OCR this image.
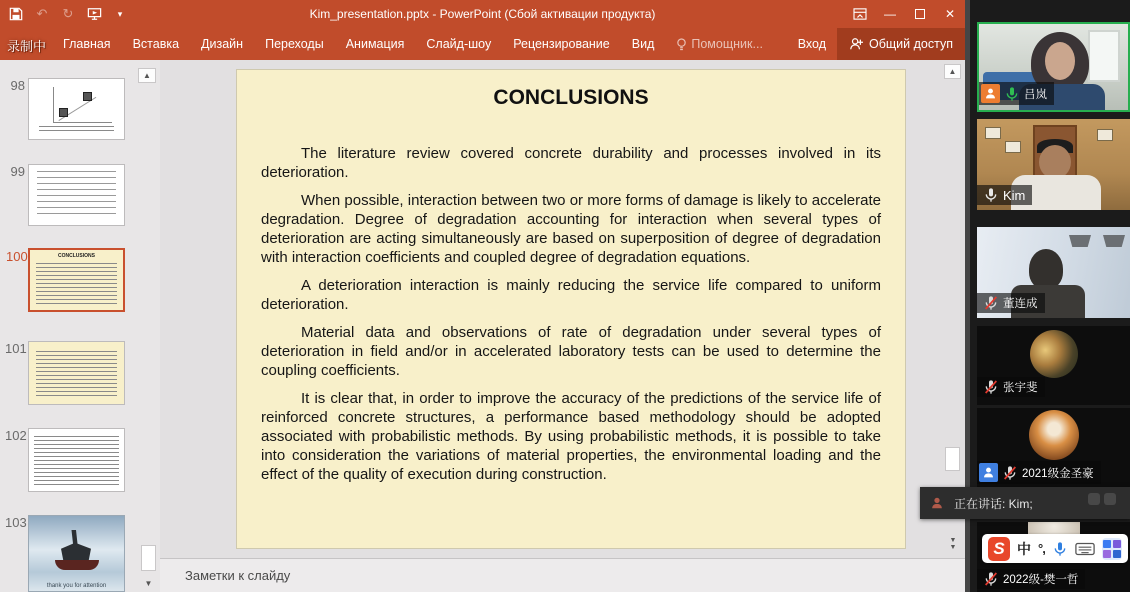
↶ ↻	▾	Kim_presentation.pptx - PowerPoint (Сбой активации продукта)	—	✕
Главная	Вставка	Дизайн	Переходы	Анимация	Слайд-шоу	Рецензирование	Вид	Помощник...	Вход	Общий доступ
录制中
▲
98
99
100	CONCLUSIONS
101
102
103
thank you for attention	▼
CONCLUSIONS

The literature review covered concrete durability and processes involved in its deterioration.

When possible, interaction between two or more forms of damage is likely to accelerate degradation. Degree of degradation accounting for interaction when several types of deterioration are acting simultaneously are based on superposition of degree of degradation with interaction coefficients and coupled degree of degradation equations.

A deterioration interaction is mainly reducing the service life compared to uniform deterioration.

Material data and observations of rate of degradation under several types of deterioration in field and/or in accelerated laboratory tests can be used to determine the coupling coefficients.

It is clear that, in order to improve the accuracy of the predictions of the service life of reinforced concrete structures, a performance based methodology should be adopted associated with probabilistic methods. By using probabilistic methods, it is possible to take into consideration the variations of material properties, the environmental loading and the effect of the quality of execution during construction.

▲
▼
▼
Заметки к слайду
吕岚
Kim
董连成
张宇斐
2021级金圣豪
2022级-樊一哲
正在讲话: Kim;
S 中 °,
